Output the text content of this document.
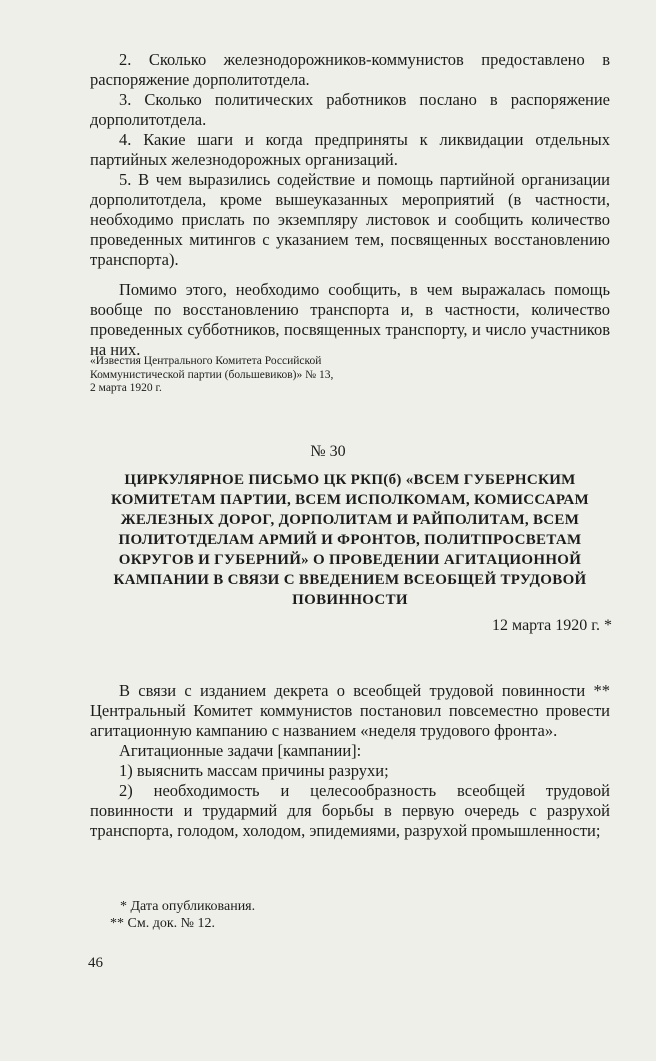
2. Сколько железнодорожников-коммунистов предоставлено в распоряжение дорполитотдела.

3. Сколько политических работников послано в распоряжение дорполитотдела.

4. Какие шаги и когда предприняты к ликвидации отдельных партийных железнодорожных организаций.

5. В чем выразились содействие и помощь партийной организации дорполитотдела, кроме вышеуказанных мероприятий (в частности, необходимо прислать по экземпляру листовок и сообщить количество проведенных митингов с указанием тем, посвященных восстановлению транспорта).

Помимо этого, необходимо сообщить, в чем выражалась помощь вообще по восстановлению транспорта и, в частности, количество проведенных субботников, посвященных транспорту, и число участников на них.

«Известия Центрального Комитета Российской Коммунистической партии (большевиков)» № 13, 2 марта 1920 г.
№ 30
ЦИРКУЛЯРНОЕ ПИСЬМО ЦК РКП(б) «ВСЕМ ГУБЕРНСКИМ КОМИТЕТАМ ПАРТИИ, ВСЕМ ИСПОЛКОМАМ, КОМИССАРАМ ЖЕЛЕЗНЫХ ДОРОГ, ДОРПОЛИТАМ И РАЙПОЛИТАМ, ВСЕМ ПОЛИТОТДЕЛАМ АРМИЙ И ФРОНТОВ, ПОЛИТПРОСВЕТАМ ОКРУГОВ И ГУБЕРНИЙ» О ПРОВЕДЕНИИ АГИТАЦИОННОЙ КАМПАНИИ В СВЯЗИ С ВВЕДЕНИЕМ ВСЕОБЩЕЙ ТРУДОВОЙ ПОВИННОСТИ
12 марта 1920 г. *

В связи с изданием декрета о всеобщей трудовой повинности ** Центральный Комитет коммунистов постановил повсеместно провести агитационную кампанию с названием «неделя трудового фронта».

Агитационные задачи [кампании]:

1) выяснить массам причины разрухи;

2) необходимость и целесообразность всеобщей трудовой повинности и трудармий для борьбы в первую очередь с разрухой транспорта, голодом, холодом, эпидемиями, разрухой промышленности;

* Дата опубликования.
** См. док. № 12.
46
